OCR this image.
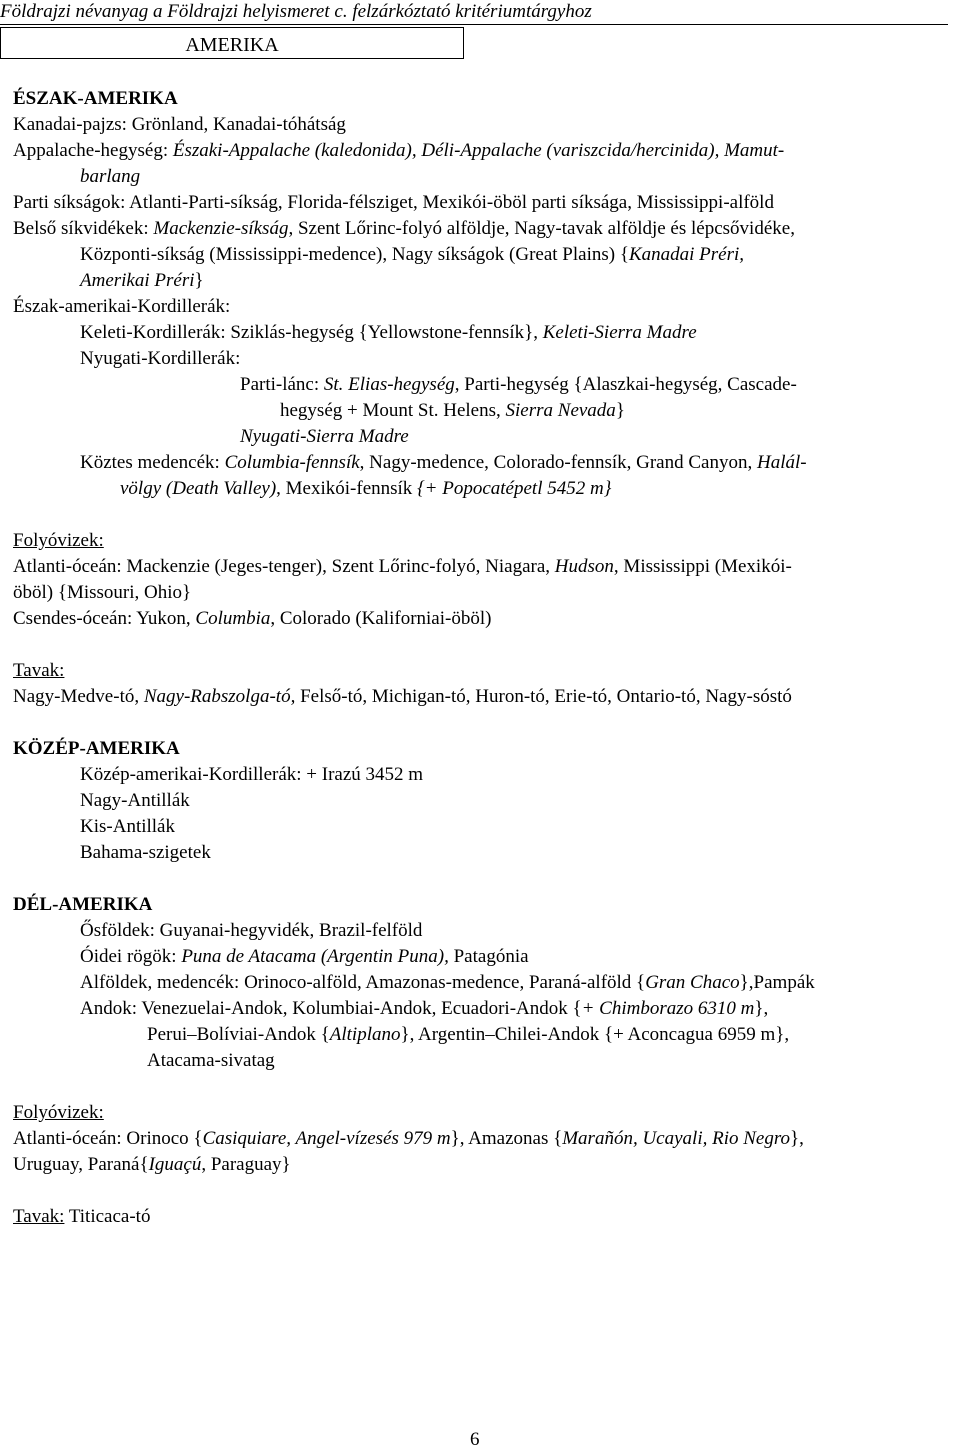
Földrajzi névanyag a Földrajzi helyismeret c. felzárkóztató kritériumtárgyhoz
AMERIKA
ÉSZAK-AMERIKA
Kanadai-pajzs: Grönland, Kanadai-tóhátság
Appalache-hegység: Északi-Appalache (kaledonida), Déli-Appalache (variszcida/hercinida), Mamut-
barlang
Parti síkságok: Atlanti-Parti-síkság, Florida-félsziget, Mexikói-öböl parti síksága, Mississippi-alföld
Belső síkvidékek: Mackenzie-síkság, Szent Lőrinc-folyó alföldje, Nagy-tavak alföldje és lépcsővidéke,
Központi-síkság (Mississippi-medence), Nagy síkságok (Great Plains) {Kanadai Préri,
Amerikai Préri}
Észak-amerikai-Kordillerák:
Keleti-Kordillerák: Sziklás-hegység {Yellowstone-fennsík}, Keleti-Sierra Madre
Nyugati-Kordillerák:
Parti-lánc: St. Elias-hegység, Parti-hegység {Alaszkai-hegység, Cascade-
hegység + Mount St. Helens, Sierra Nevada}
Nyugati-Sierra Madre
Köztes medencék: Columbia-fennsík, Nagy-medence, Colorado-fennsík, Grand Canyon, Halál-
völgy (Death Valley), Mexikói-fennsík {+ Popocatépetl 5452 m}
Folyóvizek:
Atlanti-óceán: Mackenzie (Jeges-tenger), Szent Lőrinc-folyó, Niagara, Hudson, Mississippi (Mexikói-
öböl) {Missouri, Ohio}
Csendes-óceán: Yukon, Columbia, Colorado (Kaliforniai-öböl)
Tavak:
Nagy-Medve-tó, Nagy-Rabszolga-tó, Felső-tó, Michigan-tó, Huron-tó, Erie-tó, Ontario-tó, Nagy-sóstó
KÖZÉP-AMERIKA
Közép-amerikai-Kordillerák: + Irazú 3452 m
Nagy-Antillák
Kis-Antillák
Bahama-szigetek
DÉL-AMERIKA
Ősföldek: Guyanai-hegyvidék, Brazil-felföld
Óidei rögök: Puna de Atacama (Argentin Puna), Patagónia
Alföldek, medencék: Orinoco-alföld, Amazonas-medence, Paraná-alföld {Gran Chaco},Pampák
Andok: Venezuelai-Andok, Kolumbiai-Andok, Ecuadori-Andok {+ Chimborazo 6310 m},
Perui–Bolíviai-Andok {Altiplano}, Argentin–Chilei-Andok {+ Aconcagua 6959 m},
Atacama-sivatag
Folyóvizek:
Atlanti-óceán: Orinoco {Casiquiare, Angel-vízesés 979 m}, Amazonas {Marañón, Ucayali, Rio Negro},
Uruguay, Paraná{Iguaçú, Paraguay}
Tavak: Titicaca-tó
6
